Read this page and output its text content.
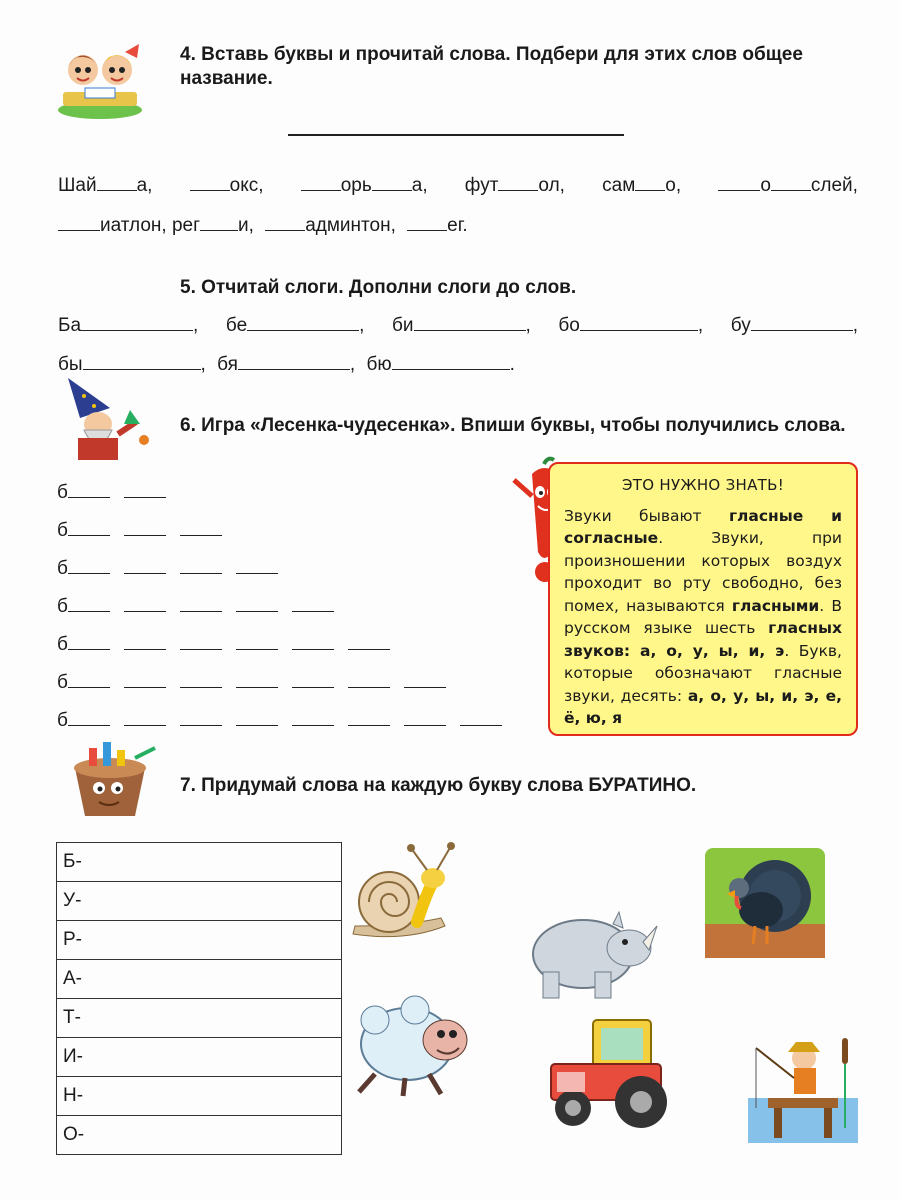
4. Вставь буквы и прочитай слова. Подбери для этих слов общее название.
Шай а,	окс,	орь а, фут ол, сам о,	о слей,
иатлон, рег и,	админтон,	ег.
5. Отчитай слоги. Дополни слоги до слов.
Ба	, бе	, би	, бо	, бу	,
бы	, бя	, бю	.
6. Игра «Лесенка-чудесенка». Впиши буквы, чтобы получились слова.
б
б
б
б
б
б
б
ЭТО НУЖНО ЗНАТЬ!
Звуки бывают гласные и согласные. Звуки, при произношении которых воздух проходит во рту свободно, без помех, называются гласными. В русском языке шесть гласных звуков: а, о, у, ы, и, э. Букв, которые обозначают гласные звуки, десять: а, о, у, ы, и, э, е, ё, ю, я
7. Придумай слова на каждую букву слова БУРАТИНО.
Б-
У-
Р-
А-
Т-
И-
Н-
О-
